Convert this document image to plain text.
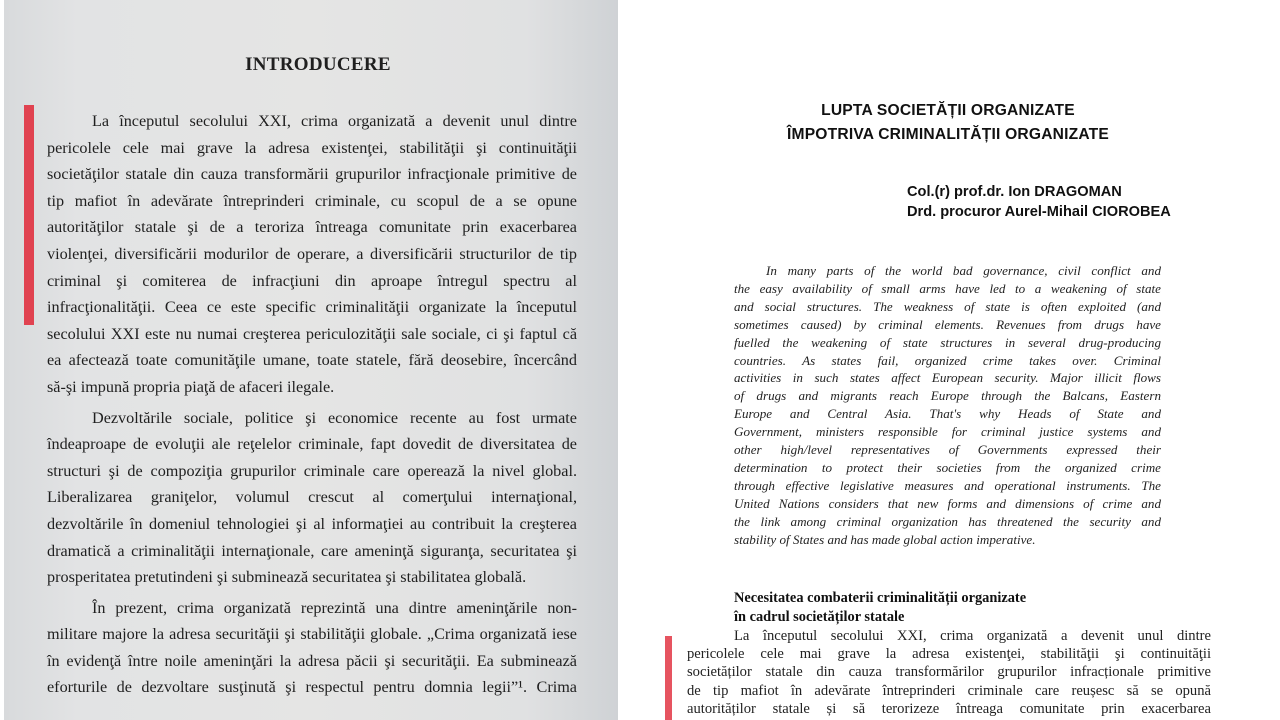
INTRODUCERE

La începutul secolului XXI, crima organizată a devenit unul dintre
pericolele cele mai grave la adresa existenţei, stabilităţii şi continuităţii
societăţilor statale din cauza transformării grupurilor infracţionale primitive de
tip mafiot în adevărate întreprinderi criminale, cu scopul de a se opune
autorităţilor statale şi de a teroriza întreaga comunitate prin exacerbarea
violenţei, diversificării modurilor de operare, a diversificării structurilor de tip
criminal şi comiterea de infracţiuni din aproape întregul spectru al
infracţionalităţii. Ceea ce este specific criminalităţii organizate la începutul
secolului XXI este nu numai creşterea periculozităţii sale sociale, ci şi faptul că
ea afectează toate comunităţile umane, toate statele, fără deosebire, încercând
să-şi impună propria piaţă de afaceri ilegale.

Dezvoltările sociale, politice şi economice recente au fost urmate
îndeaproape de evoluţii ale reţelelor criminale, fapt dovedit de diversitatea de
structuri şi de compoziţia grupurilor criminale care operează la nivel global.
Liberalizarea graniţelor, volumul crescut al comerţului internaţional,
dezvoltările în domeniul tehnologiei şi al informaţiei au contribuit la creşterea
dramatică a criminalităţii internaţionale, care ameninţă siguranţa, securitatea şi
prosperitatea pretutindeni şi subminează securitatea şi stabilitatea globală.

În prezent, crima organizată reprezintă una dintre ameninţările non-
militare majore la adresa securităţii şi stabilităţii globale. „Crima organizată iese
în evidenţă între noile ameninţări la adresa păcii şi securităţii. Ea subminează
eforturile de dezvoltare susţinută şi respectul pentru domnia legii”¹. Crima

LUPTA SOCIETĂȚII ORGANIZATE
ÎMPOTRIVA CRIMINALITĂȚII ORGANIZATE
Col.(r) prof.dr. Ion DRAGOMAN
Drd. procuror Aurel-Mihail CIOROBEA
In many parts of the world bad governance, civil conflict and
the easy availability of small arms have led to a weakening of state
and social structures. The weakness of state is often exploited (and
sometimes caused) by criminal elements. Revenues from drugs have
fuelled the weakening of state structures in several drug-producing
countries. As states fail, organized crime takes over. Criminal
activities in such states affect European security. Major illicit flows
of drugs and migrants reach Europe through the Balcans, Eastern
Europe and Central Asia. That's why Heads of State and
Government, ministers responsible for criminal justice systems and
other high/level representatives of Governments expressed their
determination to protect their societies from the organized crime
through effective legislative measures and operational instruments. The
United Nations considers that new forms and dimensions of crime and
the link among criminal organization has threatened the security and
stability of States and has made global action imperative.
Necesitatea combaterii criminalității organizate
în cadrul societăților statale
La începutul secolului XXI, crima organizată a devenit unul dintre
pericolele cele mai grave la adresa existenţei, stabilităţii şi continuităţii
societăților statale din cauza transformărilor grupurilor infracționale primitive
de tip mafiot în adevărate întreprinderi criminale care reușesc să se opună
autorităților statale și să terorizeze întreaga comunitate prin exacerbarea
